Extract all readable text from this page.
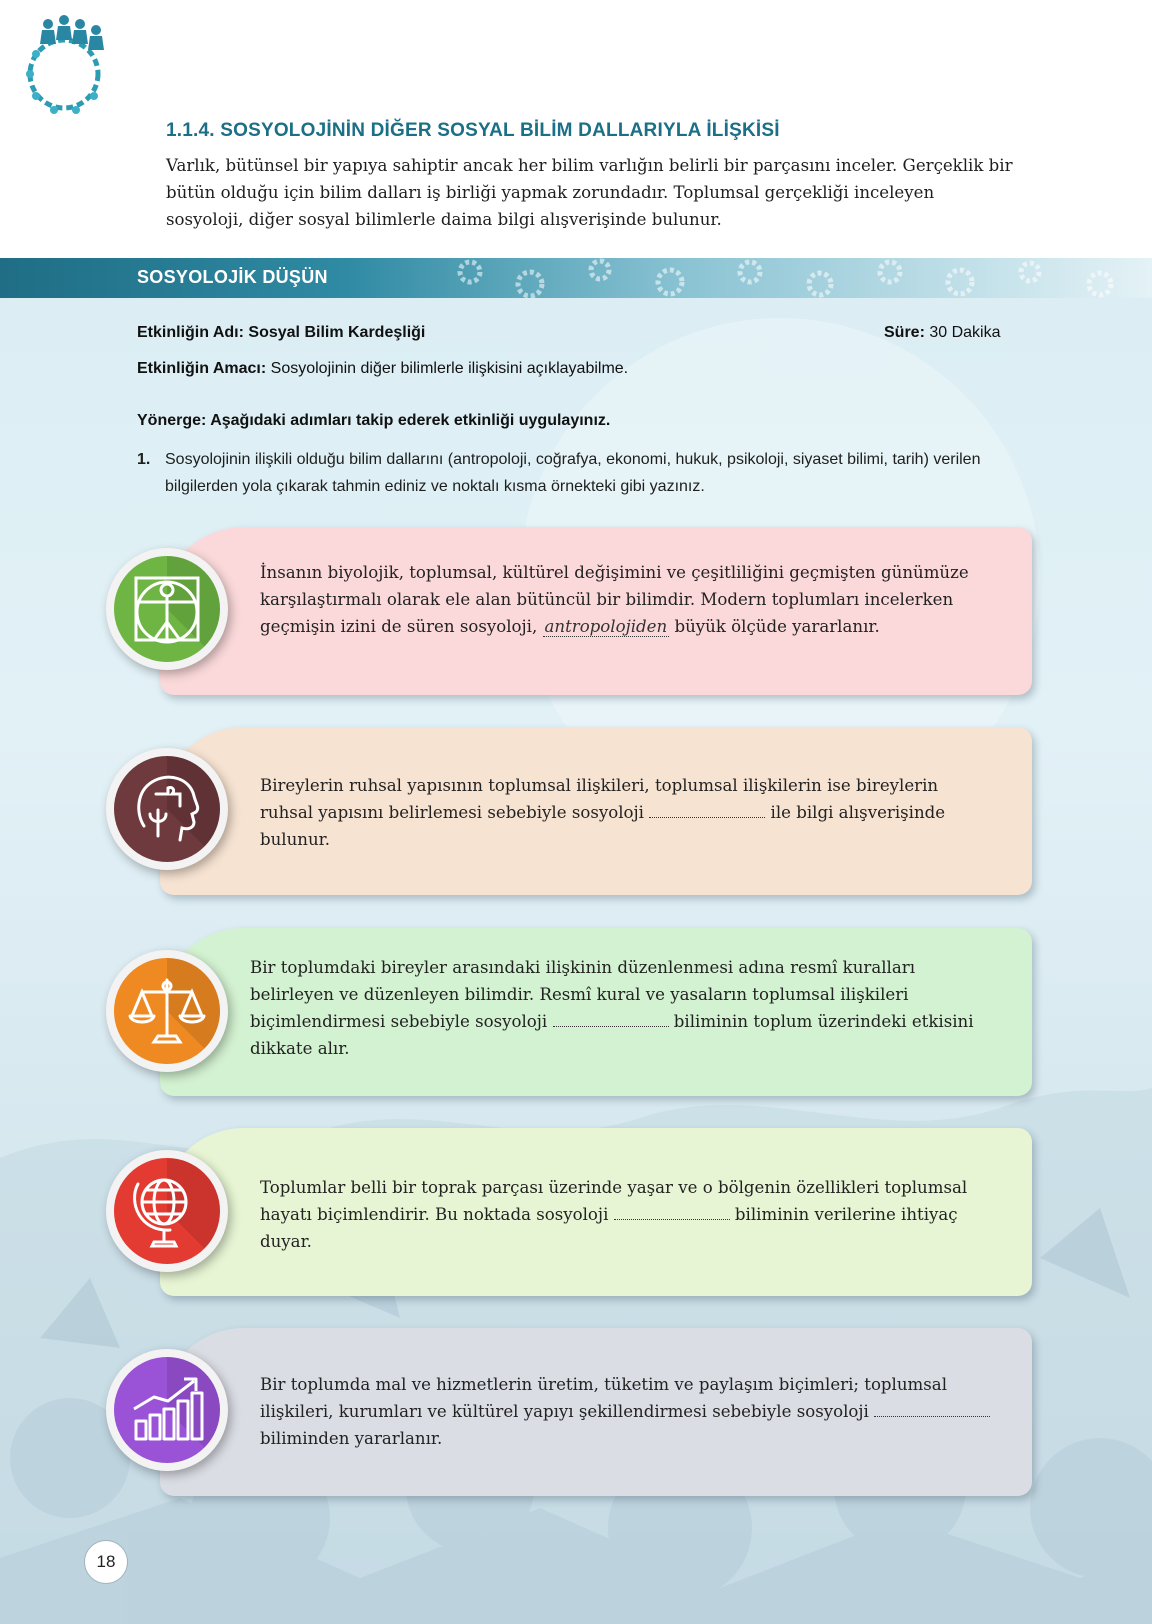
1.1.4. SOSYOLOJİNİN DİĞER SOSYAL BİLİM DALLARIYLA İLİŞKİSİ
Varlık, bütünsel bir yapıya sahiptir ancak her bilim varlığın belirli bir parçasını inceler. Gerçeklik bir bütün olduğu için bilim dalları iş birliği yapmak zorundadır. Toplumsal gerçekliği inceleyen sosyoloji, diğer sosyal bilimlerle daima bilgi alışverişinde bulunur.
SOSYOLOJİK DÜŞÜN
Etkinliğin Adı: Sosyal Bilim Kardeşliği	Süre: 30 Dakika
Etkinliğin Amacı: Sosyolojinin diğer bilimlerle ilişkisini açıklayabilme.
Yönerge: Aşağıdaki adımları takip ederek etkinliği uygulayınız.
1. Sosyolojinin ilişkili olduğu bilim dallarını (antropoloji, coğrafya, ekonomi, hukuk, psikoloji, siyaset bilimi, tarih) verilen bilgilerden yola çıkarak tahmin ediniz ve noktalı kısma örnekteki gibi yazınız.
İnsanın biyolojik, toplumsal, kültürel değişimini ve çeşitliliğini geçmişten günümüze karşılaştırmalı olarak ele alan bütüncül bir bilimdir. Modern toplumları incelerken geçmişin izini de süren sosyoloji, antropolojiden büyük ölçüde yararlanır.
Bireylerin ruhsal yapısının toplumsal ilişkileri, toplumsal ilişkilerin ise bireylerin ruhsal yapısını belirlemesi sebebiyle sosyoloji	ile bilgi alışverişinde bulunur.
Bir toplumdaki bireyler arasındaki ilişkinin düzenlenmesi adına resmî kuralları belirleyen ve düzenleyen bilimdir. Resmî kural ve yasaların toplumsal ilişkileri biçimlendirmesi sebebiyle sosyoloji	biliminin toplum üzerindeki etkisini dikkate alır.
Toplumlar belli bir toprak parçası üzerinde yaşar ve o bölgenin özellikleri toplumsal hayatı biçimlendirir. Bu noktada sosyoloji	biliminin verilerine ihtiyaç duyar.
Bir toplumda mal ve hizmetlerin üretim, tüketim ve paylaşım biçimleri; toplumsal ilişkileri, kurumları ve kültürel yapıyı şekillendirmesi sebebiyle sosyoloji  biliminden yararlanır.
18
